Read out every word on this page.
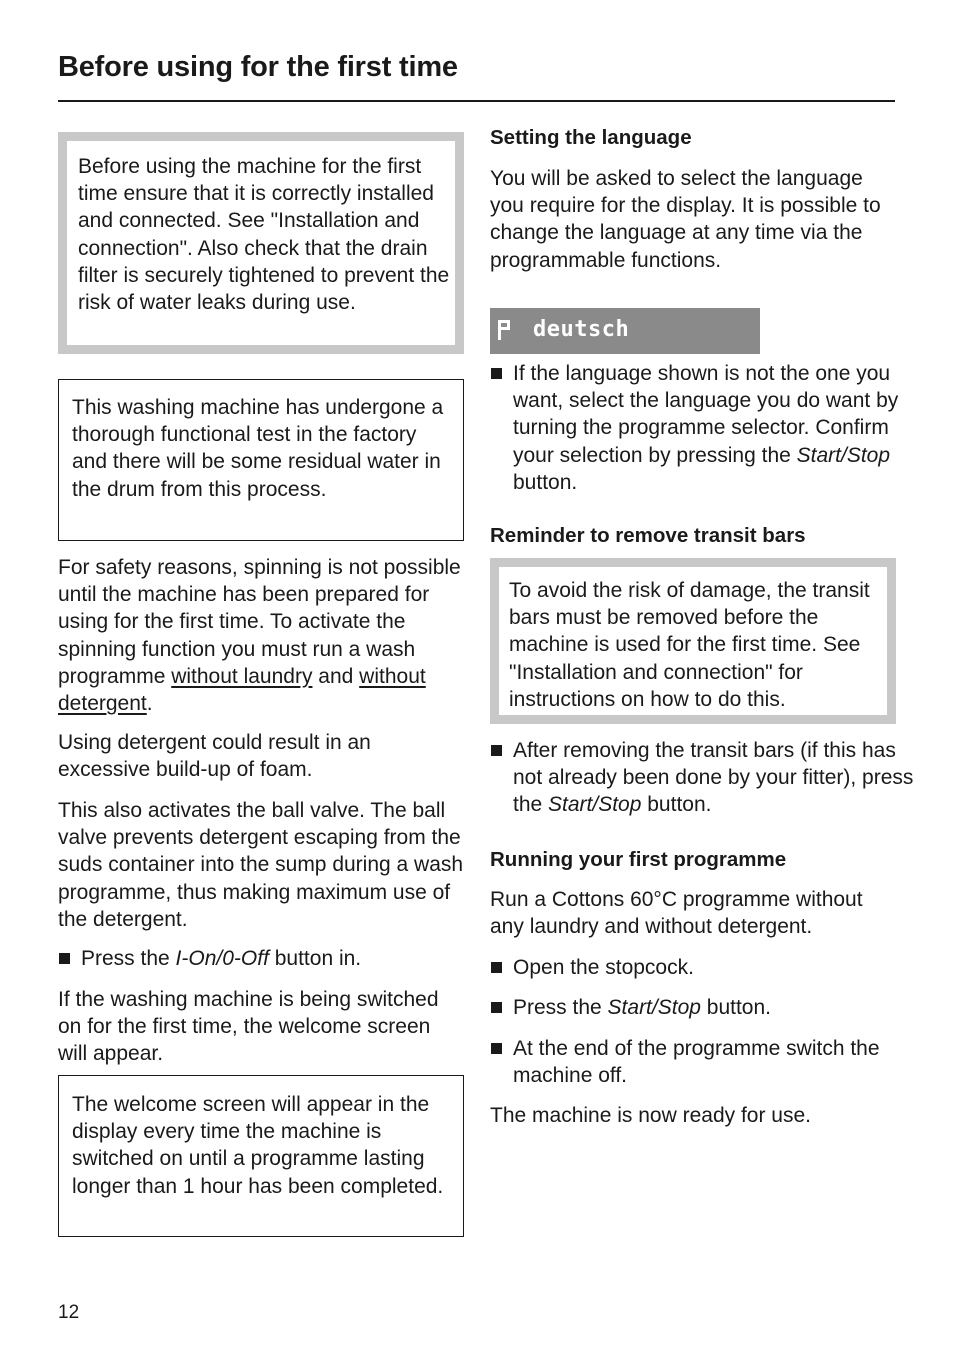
Before using for the first time
Before using the machine for the first time ensure that it is correctly installed and connected. See "Installation and connection". Also check that the drain filter is securely tightened to prevent the risk of water leaks during use.
This washing machine has undergone a thorough functional test in the factory and there will be some residual water in the drum from this process.

For safety reasons, spinning is not possible until the machine has been prepared for using for the first time. To activate the spinning function you must run a wash programme without laundry and without detergent.

Using detergent could result in an excessive build-up of foam.

This also activates the ball valve. The ball valve prevents detergent escaping from the suds container into the sump during a wash programme, thus making maximum use of the detergent.

Press the I-On/0-Off button in.

If the washing machine is being switched on for the first time, the welcome screen will appear.

The welcome screen will appear in the display every time the machine is switched on until a programme lasting longer than 1 hour has been completed.
Setting the language

You will be asked to select the language you require for the display. It is possible to change the language at any time via the programmable functions.

deutsch
If the language shown is not the one you want, select the language you do want by turning the programme selector. Confirm your selection by pressing the Start/Stop button.
Reminder to remove transit bars
To avoid the risk of damage, the transit bars must be removed before the machine is used for the first time. See "Installation and connection" for instructions on how to do this.
After removing the transit bars (if this has not already been done by your fitter), press the Start/Stop button.
Running your first programme

Run a Cottons 60°C programme without any laundry and without detergent.

Open the stopcock.
Press the Start/Stop button.
At the end of the programme switch the machine off.

The machine is now ready for use.

12
